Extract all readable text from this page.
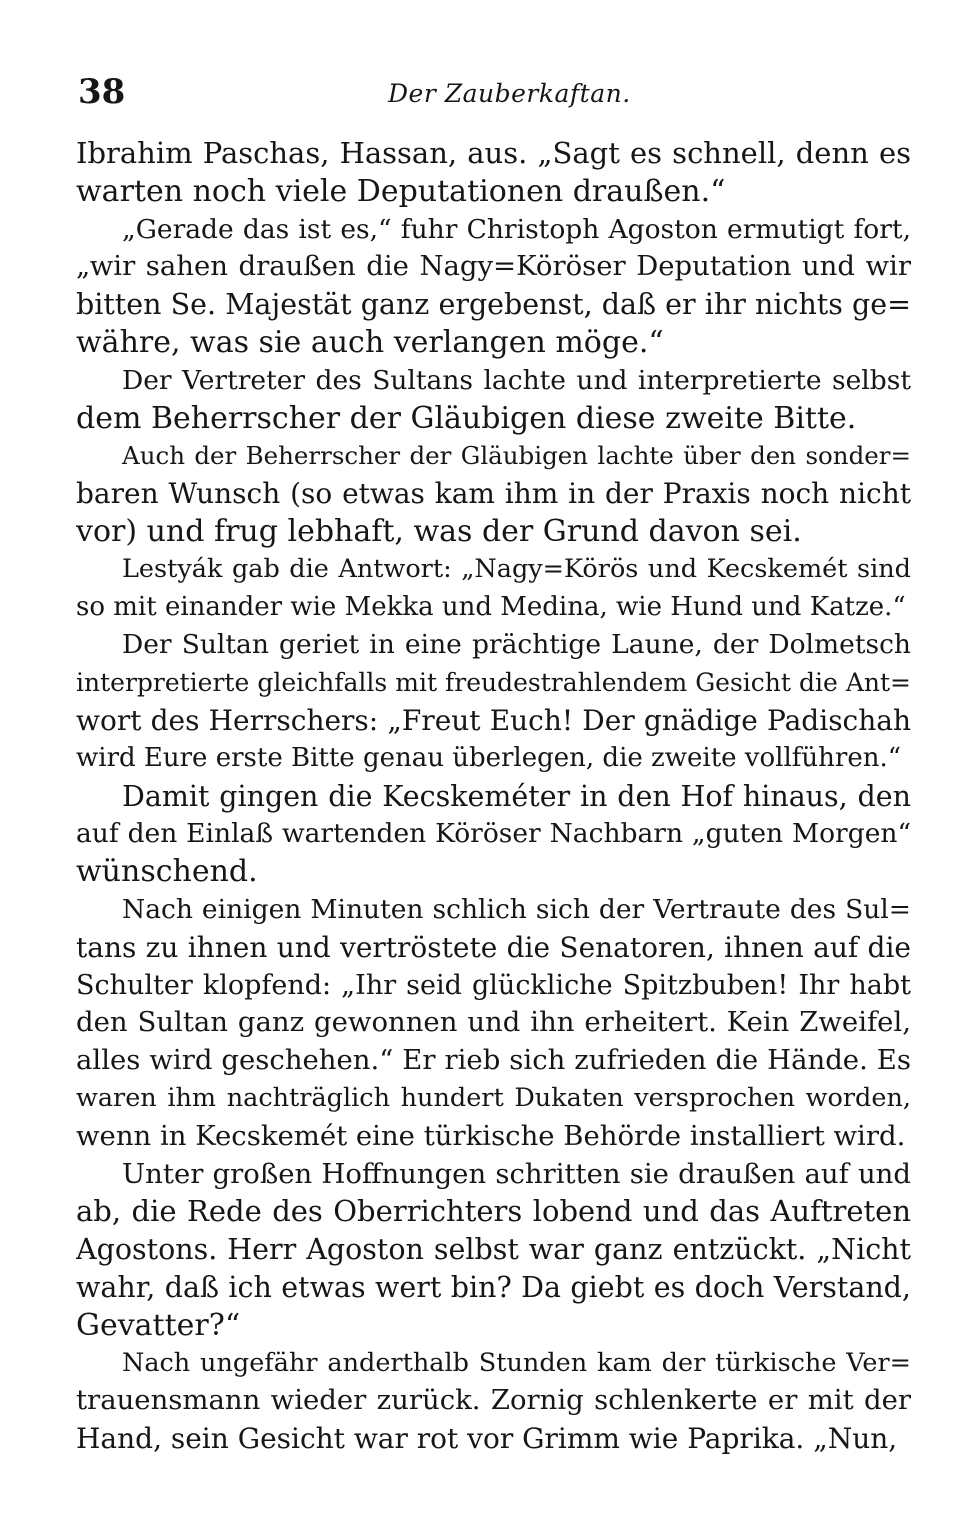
38	Der Zauberkaftan.
Ibrahim Paschas, Hassan, aus. „Sagt es schnell, denn es
warten noch viele Deputationen draußen.“
„Gerade das ist es,“ fuhr Christoph Agoston ermutigt fort,
„wir sahen draußen die Nagy=Köröser Deputation und wir
bitten Se. Majestät ganz ergebenst, daß er ihr nichts ge=
währe, was sie auch verlangen möge.“
Der Vertreter des Sultans lachte und interpretierte selbst
dem Beherrscher der Gläubigen diese zweite Bitte.
Auch der Beherrscher der Gläubigen lachte über den sonder=
baren Wunsch (so etwas kam ihm in der Praxis noch nicht
vor) und frug lebhaft, was der Grund davon sei.
Lestyák gab die Antwort: „Nagy=Körös und Kecskemét sind
so mit einander wie Mekka und Medina, wie Hund und Katze.“
Der Sultan geriet in eine prächtige Laune, der Dolmetsch
interpretierte gleichfalls mit freudestrahlendem Gesicht die Ant=
wort des Herrschers: „Freut Euch! Der gnädige Padischah
wird Eure erste Bitte genau überlegen, die zweite vollführen.“
Damit gingen die Kecskeméter in den Hof hinaus, den
auf den Einlaß wartenden Köröser Nachbarn „guten Morgen“
wünschend.
Nach einigen Minuten schlich sich der Vertraute des Sul=
tans zu ihnen und vertröstete die Senatoren, ihnen auf die
Schulter klopfend: „Ihr seid glückliche Spitzbuben! Ihr habt
den Sultan ganz gewonnen und ihn erheitert. Kein Zweifel,
alles wird geschehen.“ Er rieb sich zufrieden die Hände. Es
waren ihm nachträglich hundert Dukaten versprochen worden,
wenn in Kecskemét eine türkische Behörde installiert wird.
Unter großen Hoffnungen schritten sie draußen auf und
ab, die Rede des Oberrichters lobend und das Auftreten
Agostons. Herr Agoston selbst war ganz entzückt. „Nicht
wahr, daß ich etwas wert bin? Da giebt es doch Verstand,
Gevatter?“
Nach ungefähr anderthalb Stunden kam der türkische Ver=
trauensmann wieder zurück. Zornig schlenkerte er mit der
Hand, sein Gesicht war rot vor Grimm wie Paprika. „Nun,
